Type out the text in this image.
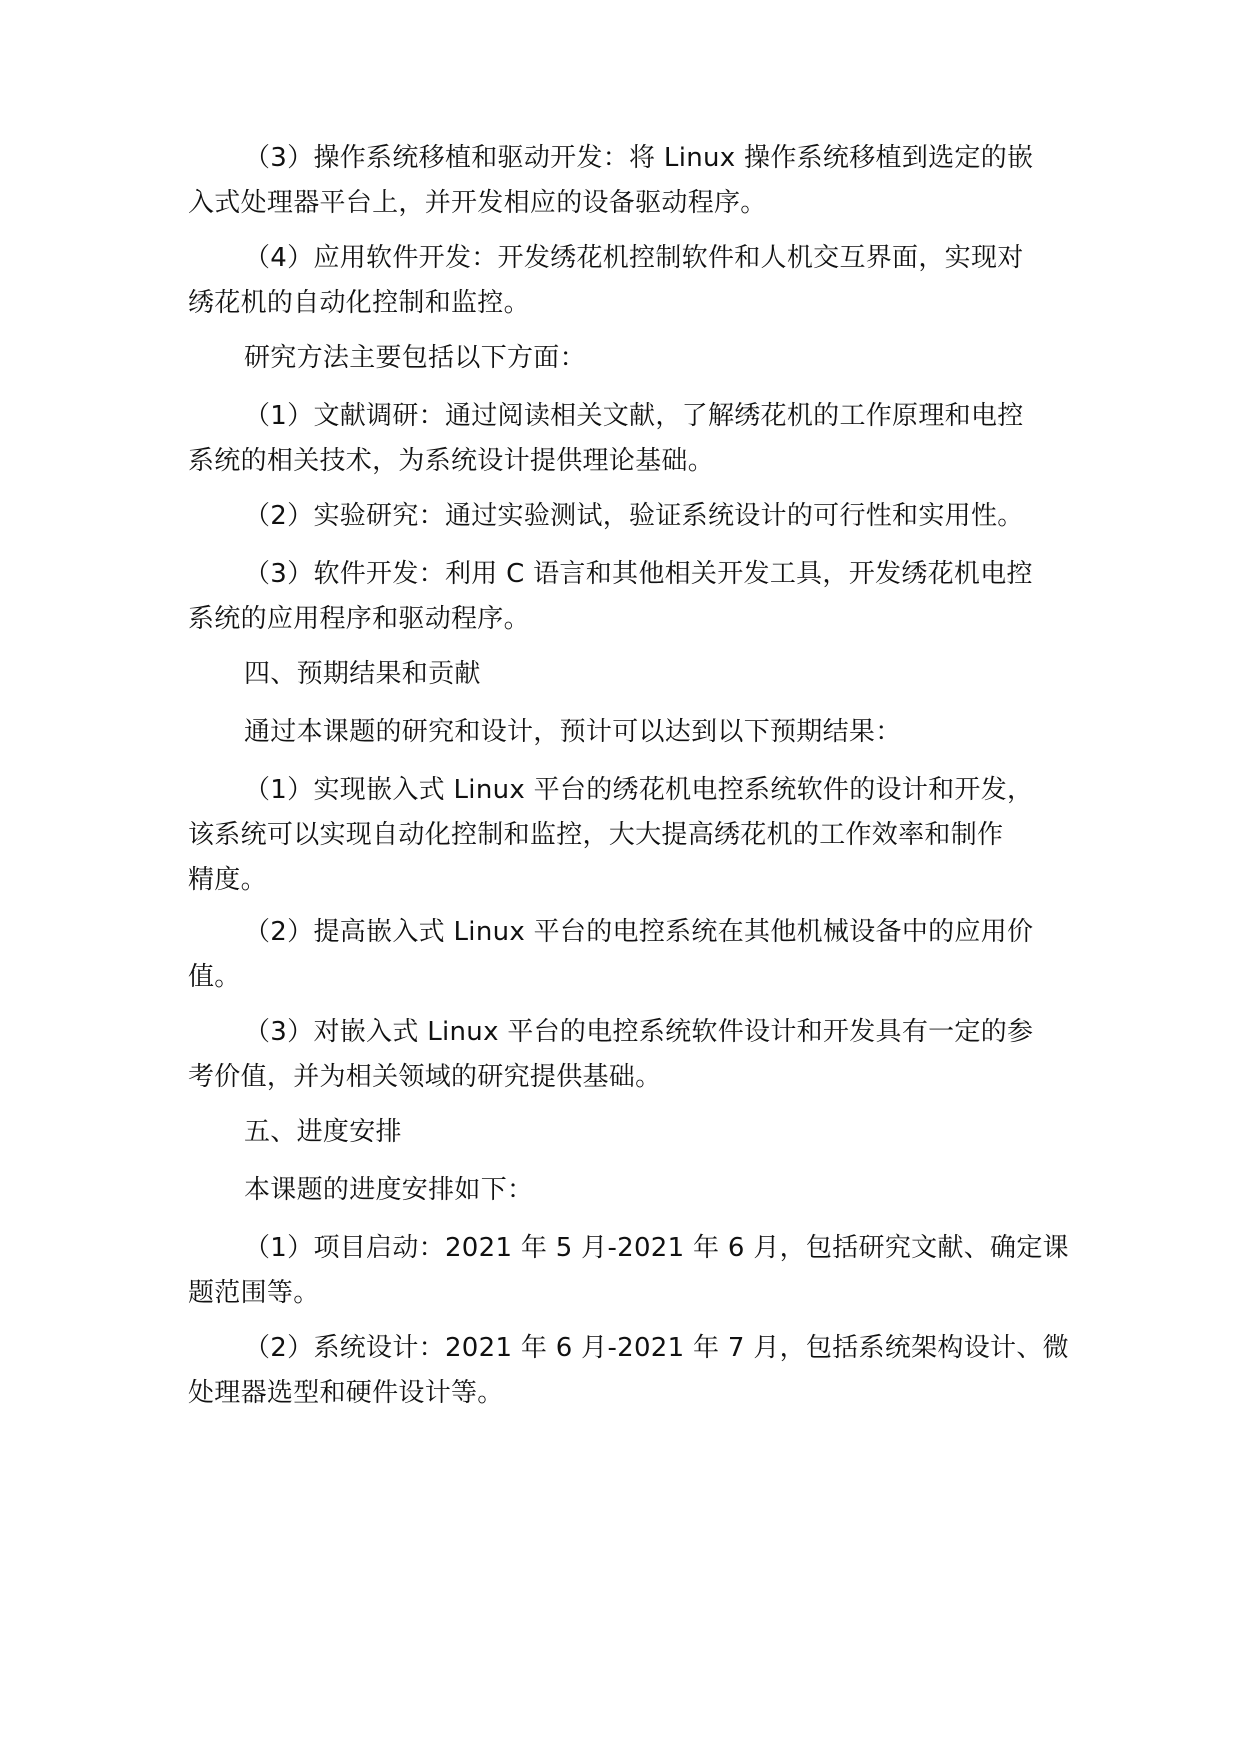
（3）操作系统移植和驱动开发：将 Linux 操作系统移植到选定的嵌
入式处理器平台上，并开发相应的设备驱动程序。

（4）应用软件开发：开发绣花机控制软件和人机交互界面，实现对
绣花机的自动化控制和监控。

研究方法主要包括以下方面：

（1）文献调研：通过阅读相关文献，了解绣花机的工作原理和电控
系统的相关技术，为系统设计提供理论基础。

（2）实验研究：通过实验测试，验证系统设计的可行性和实用性。

（3）软件开发：利用 C 语言和其他相关开发工具，开发绣花机电控
系统的应用程序和驱动程序。

四、预期结果和贡献

通过本课题的研究和设计，预计可以达到以下预期结果：

（1）实现嵌入式 Linux 平台的绣花机电控系统软件的设计和开发，
该系统可以实现自动化控制和监控，大大提高绣花机的工作效率和制作
精度。

（2）提高嵌入式 Linux 平台的电控系统在其他机械设备中的应用价
值。

（3）对嵌入式 Linux 平台的电控系统软件设计和开发具有一定的参
考价值，并为相关领域的研究提供基础。

五、进度安排

本课题的进度安排如下：

（1）项目启动：2021 年 5 月-2021 年 6 月，包括研究文献、确定课
题范围等。

（2）系统设计：2021 年 6 月-2021 年 7 月，包括系统架构设计、微
处理器选型和硬件设计等。
